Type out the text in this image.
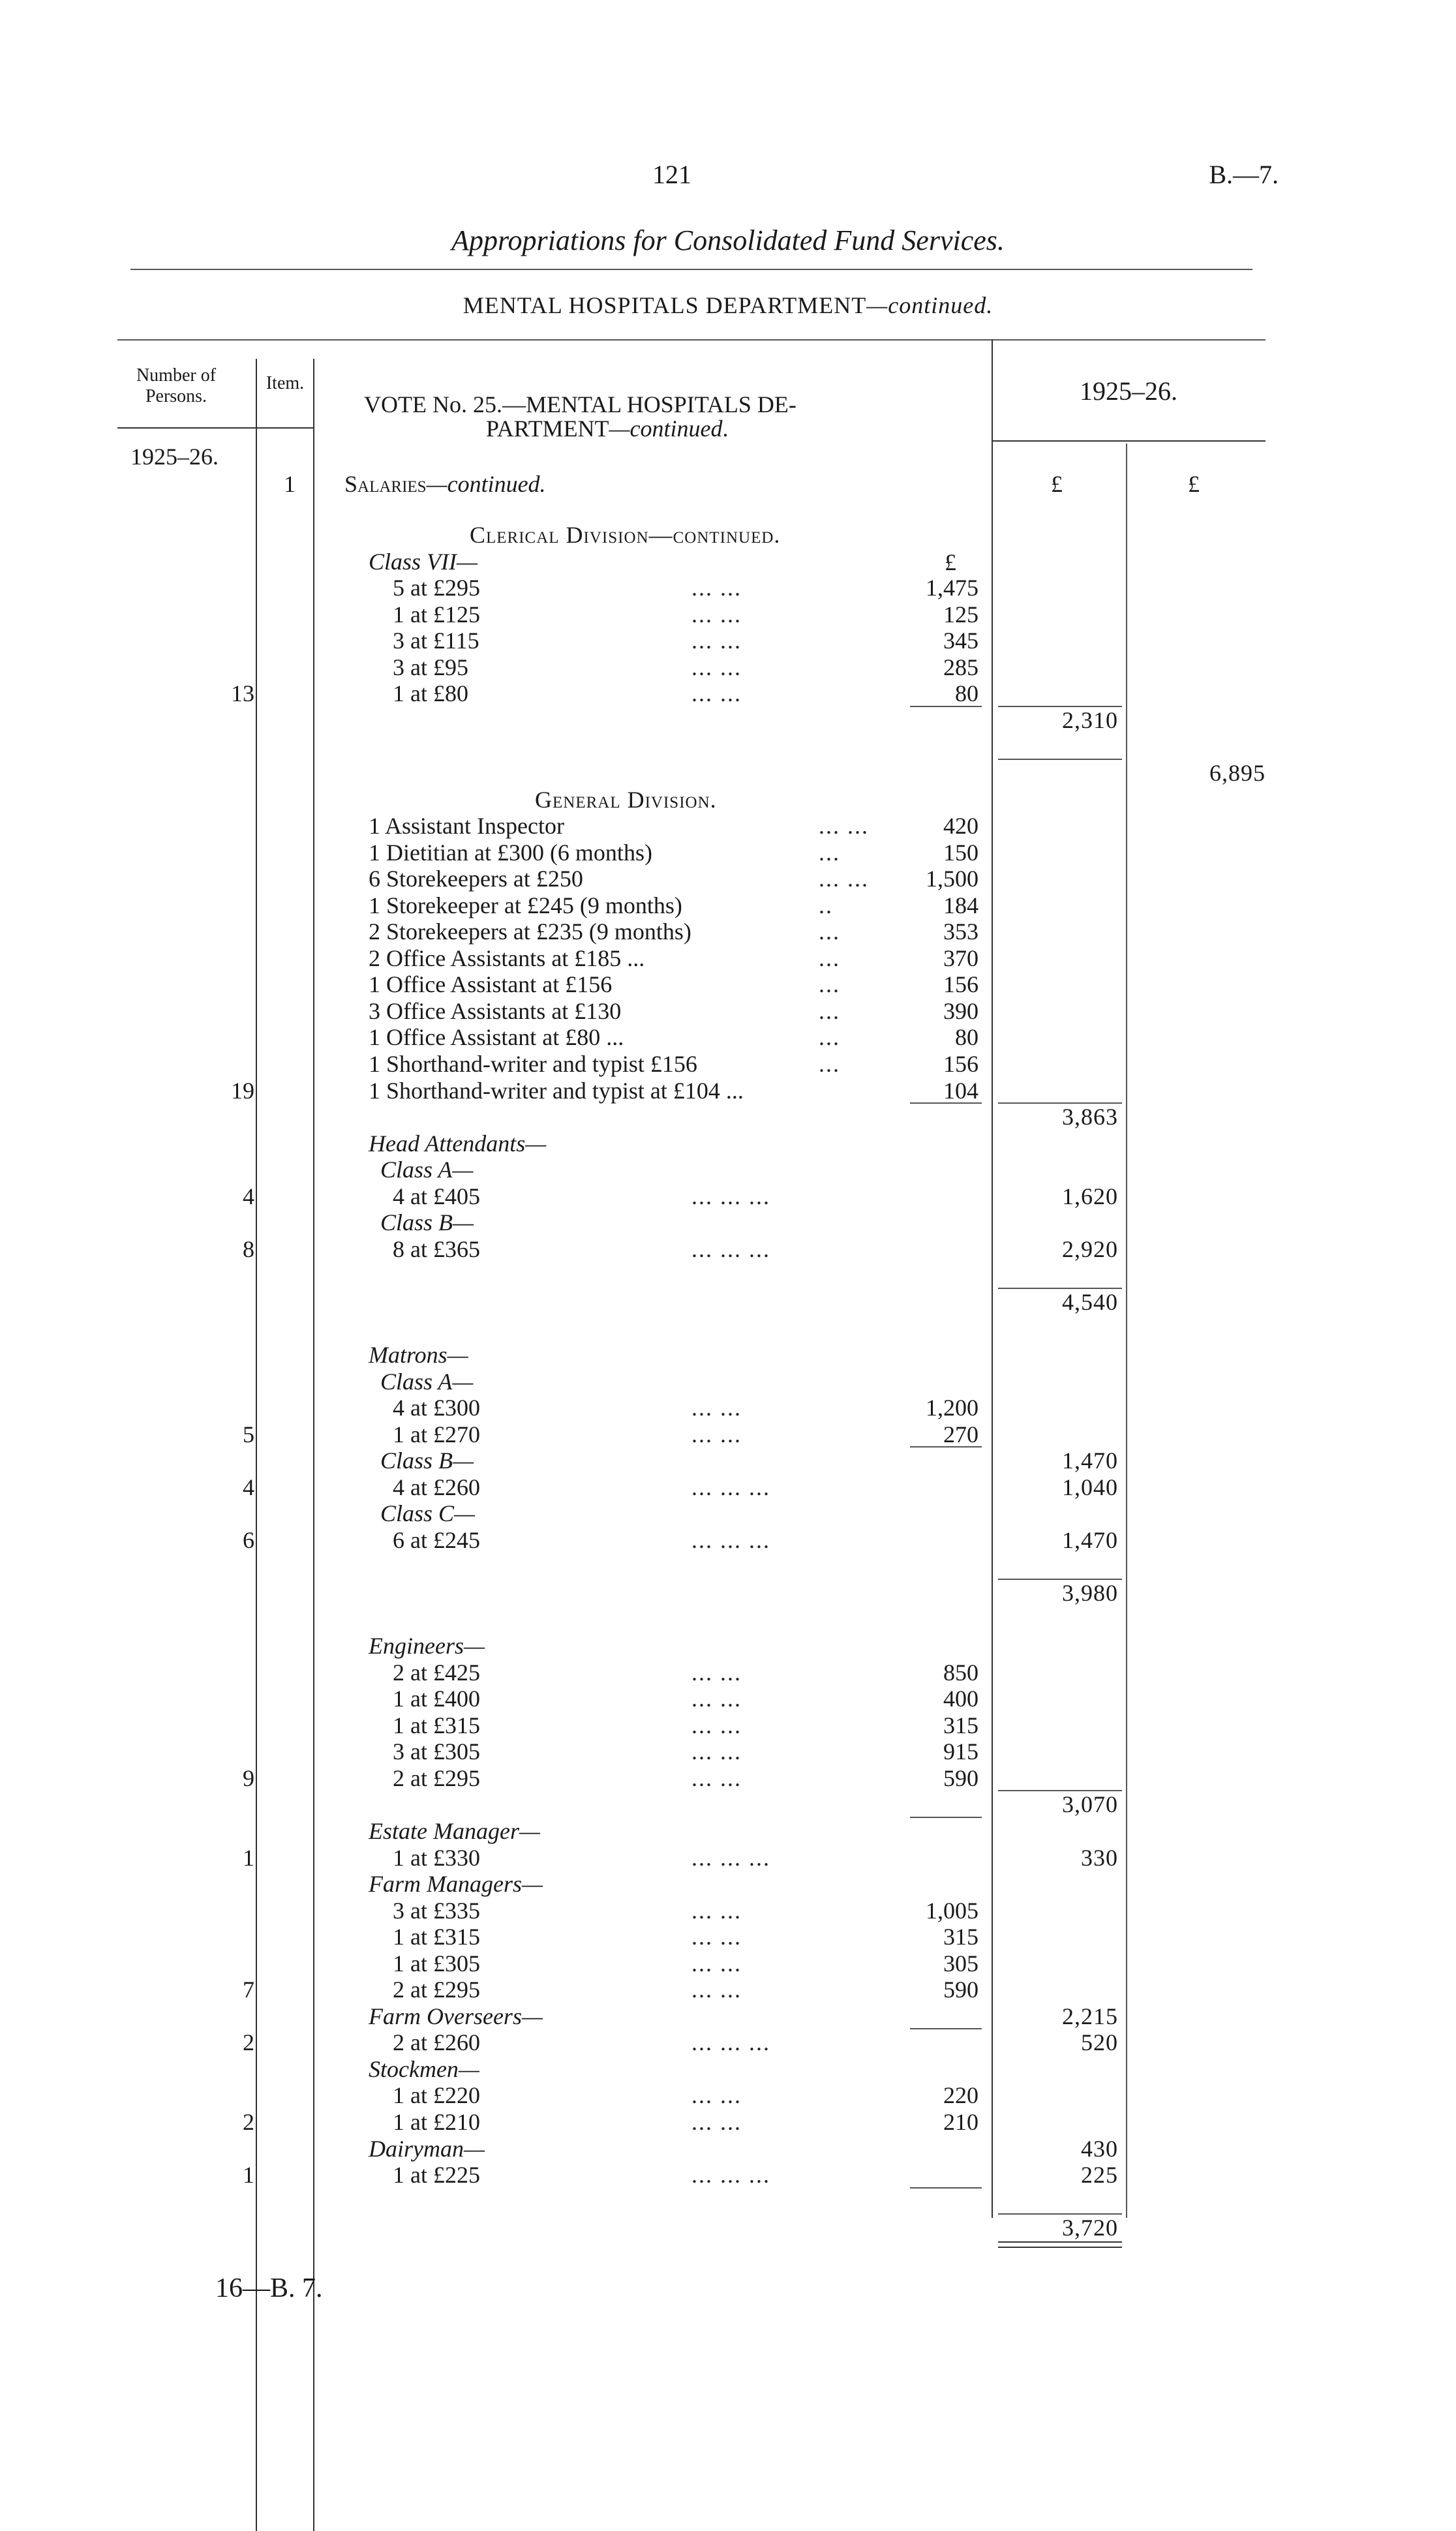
121	B.—7.
Appropriations for Consolidated Fund Services.
MENTAL HOSPITALS DEPARTMENT—continued.
Number of Persons.
Item.
1925–26.
1
VOTE No. 25.—MENTAL HOSPITALS DE-
PARTMENT—continued.
Salaries—continued.
1925–26.
£	£
£
Clerical Division—continued.
Class VII—
5 at £295	... ...	1,475
1 at £125	... ...	125
3 at £115	... ...	345
3 at £95	... ...	285
13	1 at £80	... ...	80
2,310
6,895
General Division.
1 Assistant Inspector	... ...	420
1 Dietitian at £300 (6 months)	...	150
6 Storekeepers at £250	... ...	1,500
1 Storekeeper at £245 (9 months)	..	184
2 Storekeepers at £235 (9 months)	...	353
2 Office Assistants at £185 ...	...	370
1 Office Assistant at £156	...	156
3 Office Assistants at £130	...	390
1 Office Assistant at £80 ...	...	80
1 Shorthand-writer and typist £156	...	156
19	1 Shorthand-writer and typist at £104 ...	104
3,863
Head Attendants—
Class A—
4	4 at £405	... ... ...	1,620
Class B—
8	8 at £365	... ... ...	2,920
4,540
Matrons—
Class A—
4 at £300	... ...	1,200
5	1 at £270	... ...	270
Class B—	1,470
4	4 at £260	... ... ...	1,040
Class C—
6	6 at £245	... ... ...	1,470
3,980
Engineers—
2 at £425	... ...	850
1 at £400	... ...	400
1 at £315	... ...	315
3 at £305	... ...	915
9	2 at £295	... ...	590
3,070
Estate Manager—
1	1 at £330	... ... ...	330
Farm Managers—
3 at £335	... ...	1,005
1 at £315	... ...	315
1 at £305	... ...	305
7	2 at £295	... ...	590
Farm Overseers—	2,215
2	2 at £260	... ... ...	520
Stockmen—
1 at £220	... ...	220
2	1 at £210	... ...	210
Dairyman—	430
1	1 at £225	... ... ...	225
3,720
16—B. 7.
